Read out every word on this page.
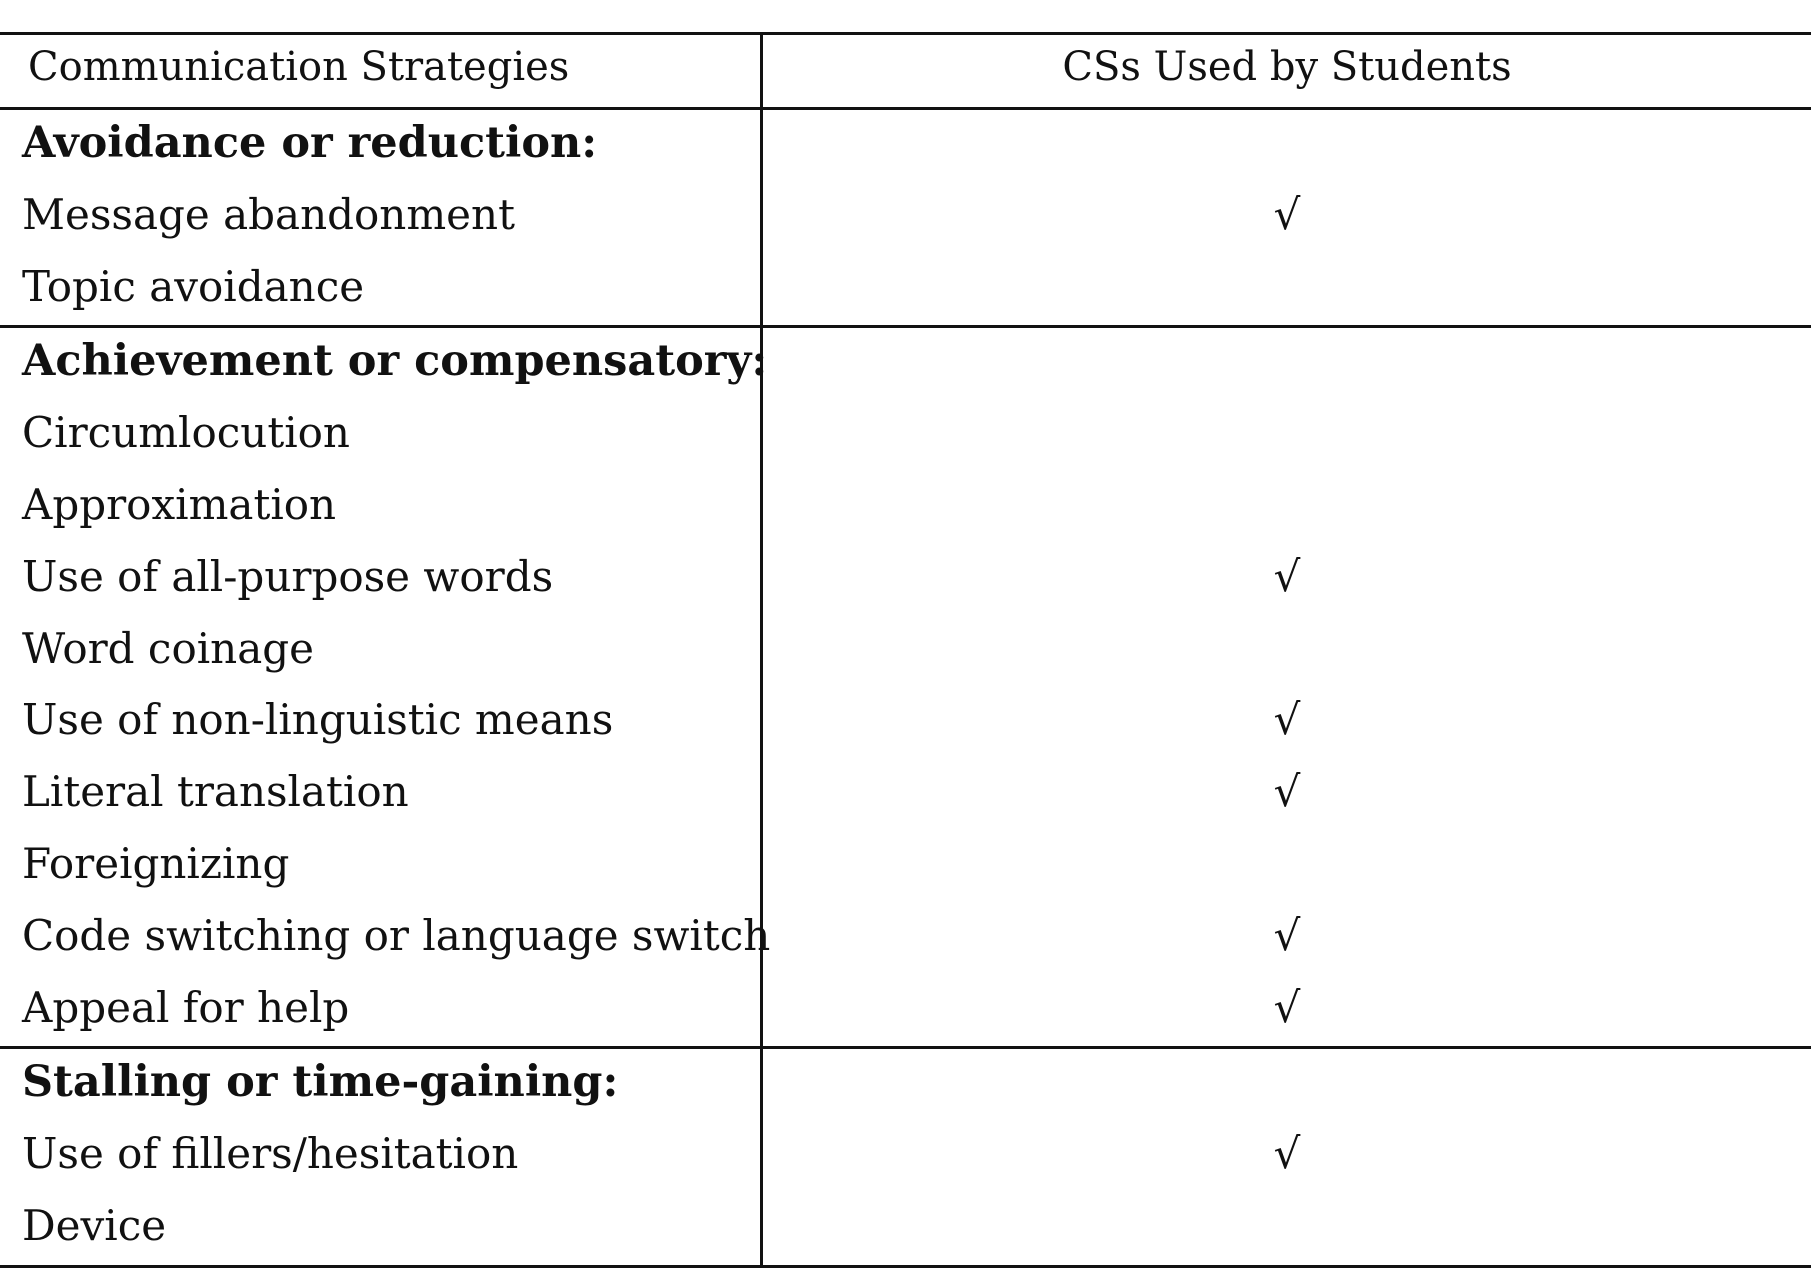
Communication Strategies	CSs Used by Students
Avoidance or reduction:
Message abandonment	√
Topic avoidance
Achievement or compensatory:
Circumlocution
Approximation
Use of all-purpose words	√
Word coinage
Use of non-linguistic means	√
Literal translation	√
Foreignizing
Code switching or language switch	√
Appeal for help	√
Stalling or time-gaining:
Use of fillers/hesitation	√
Device
